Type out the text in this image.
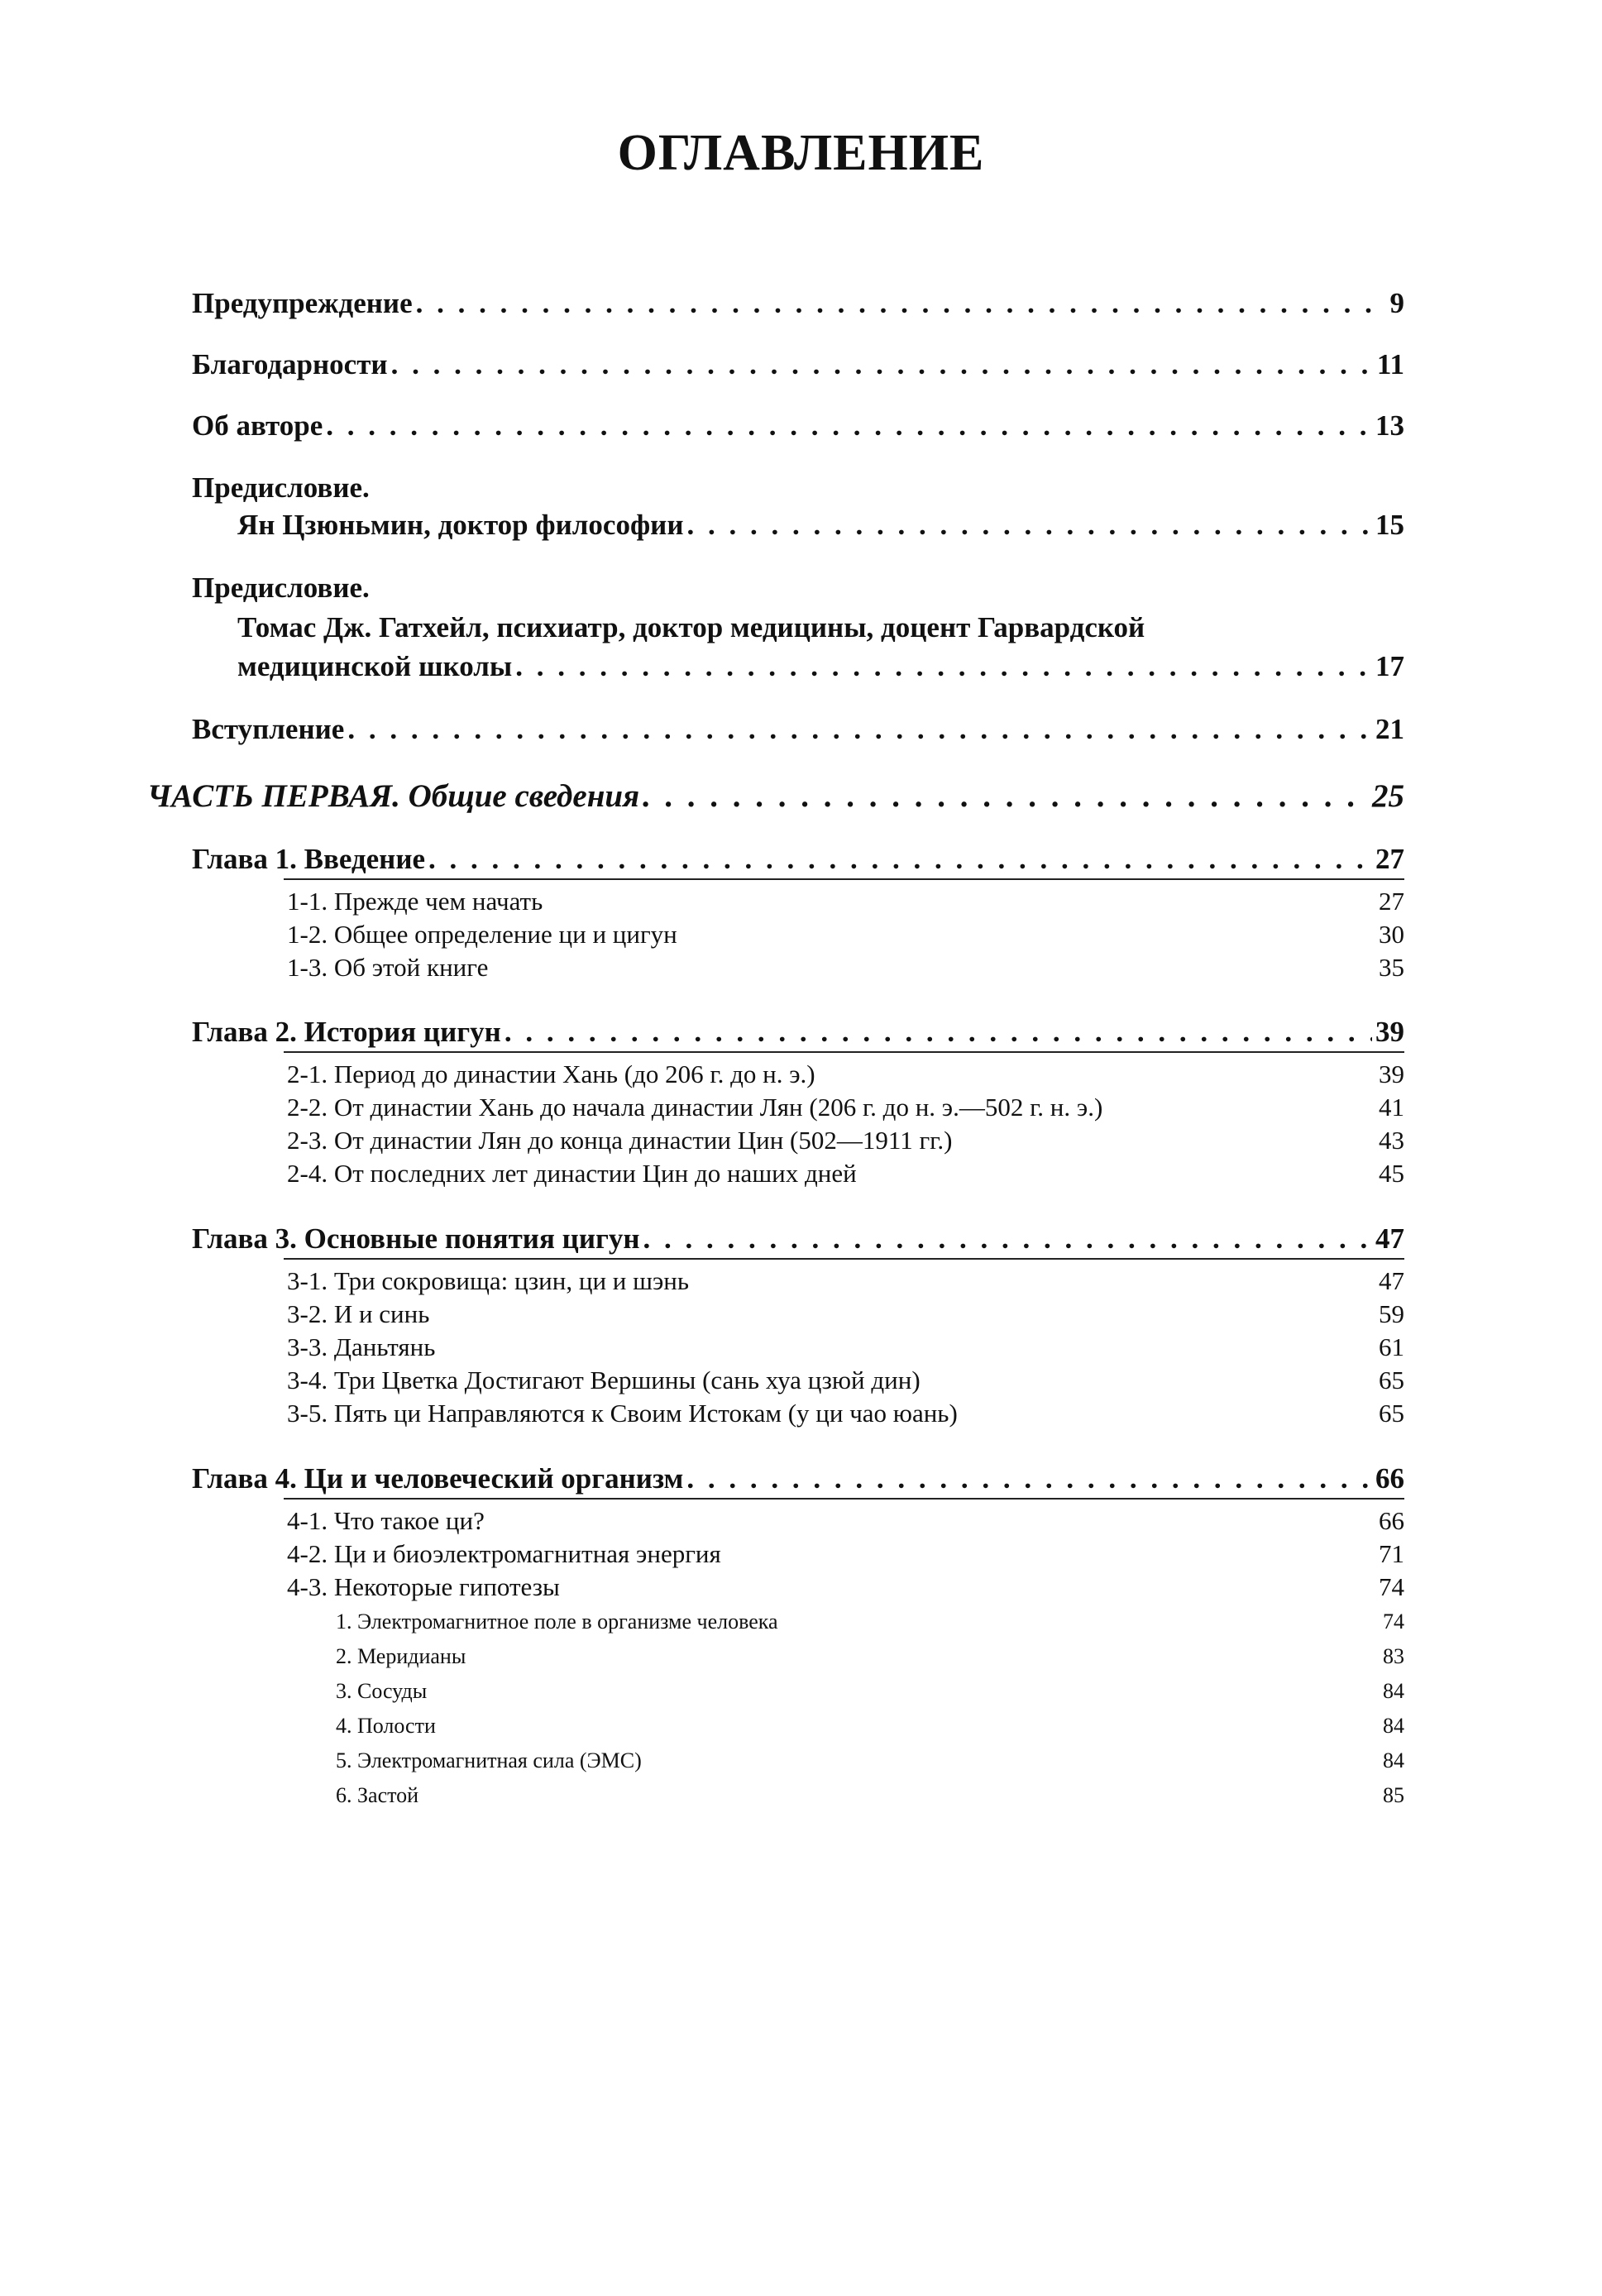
ОГЛАВЛЕНИЕ
Предупреждение . . .	9
Благодарности . . .	11
Об авторе . . .	13
Предисловие.
Ян Цзюньмин, доктор философии . . .	15
Предисловие.
Томас Дж. Гатхейл, психиатр, доктор медицины, доцент Гарвардской
медицинской школы . . .	17
Вступление . . .	21
ЧАСТЬ ПЕРВАЯ. Общие сведения . . .	25
Глава 1. Введение . . .	27
1-1. Прежде чем начать	27
1-2. Общее определение ци и цигун	30
1-3. Об этой книге	35
Глава 2. История цигун . . .	39
2-1. Период до династии Хань (до 206 г. до н. э.)	39
2-2. От династии Хань до начала династии Лян (206 г. до н. э.—502 г. н. э.)	41
2-3. От династии Лян до конца династии Цин (502—1911 гг.)	43
2-4. От последних лет династии Цин до наших дней	45
Глава 3. Основные понятия цигун . . .	47
3-1. Три сокровища: цзин, ци и шэнь	47
3-2. И и синь	59
3-3. Даньтянь	61
3-4. Три Цветка Достигают Вершины (сань хуа цзюй дин)	65
3-5. Пять ци Направляются к Своим Истокам (у ци чао юань)	65
Глава 4. Ци и человеческий организм . . .	66
4-1. Что такое ци?	66
4-2. Ци и биоэлектромагнитная энергия	71
4-3. Некоторые гипотезы	74
1. Электромагнитное поле в организме человека	74
2. Меридианы	83
3. Сосуды	84
4. Полости	84
5. Электромагнитная сила (ЭМС)	84
6. Застой	85
